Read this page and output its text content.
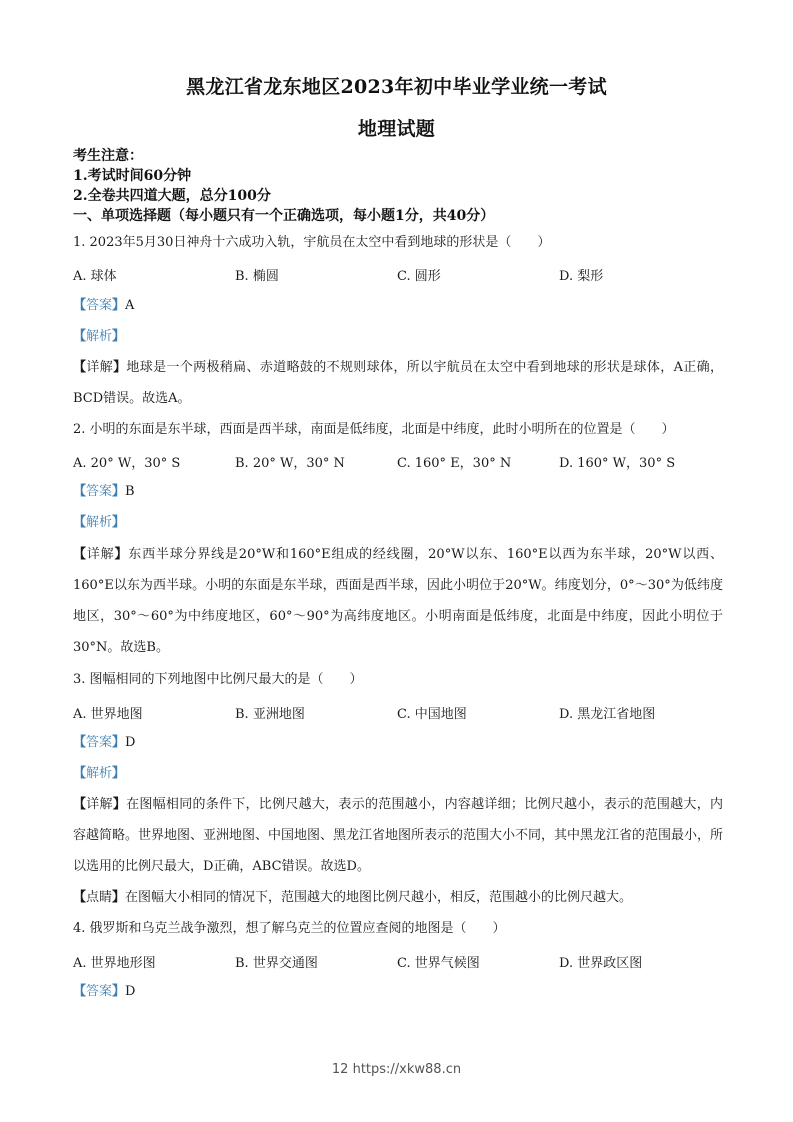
黑龙江省龙东地区2023年初中毕业学业统一考试
地理试题
考生注意：
1.考试时间60分钟
2.全卷共四道大题，总分100分
一、单项选择题（每小题只有一个正确选项，每小题1分，共40分）
1. 2023年5月30日神舟十六成功入轨，宇航员在太空中看到地球的形状是（　　）
A. 球体	B. 椭圆	C. 圆形	D. 梨形
【答案】A
【解析】
【详解】地球是一个两极稍扁、赤道略鼓的不规则球体，所以宇航员在太空中看到地球的形状是球体，A正确，BCD错误。故选A。
2. 小明的东面是东半球，西面是西半球，南面是低纬度，北面是中纬度，此时小明所在的位置是（　　）
A. 20° W，30° S	B. 20° W，30° N	C. 160° E，30° N	D. 160° W，30° S
【答案】B
【解析】
【详解】东西半球分界线是20°W和160°E组成的经线圈，20°W以东、160°E以西为东半球，20°W以西、160°E以东为西半球。小明的东面是东半球，西面是西半球，因此小明位于20°W。纬度划分，0°～30°为低纬度地区，30°～60°为中纬度地区，60°～90°为高纬度地区。小明南面是低纬度，北面是中纬度，因此小明位于30°N。故选B。
3. 图幅相同的下列地图中比例尺最大的是（　　）
A. 世界地图	B. 亚洲地图	C. 中国地图	D. 黑龙江省地图
【答案】D
【解析】
【详解】在图幅相同的条件下，比例尺越大，表示的范围越小，内容越详细；比例尺越小，表示的范围越大，内容越简略。世界地图、亚洲地图、中国地图、黑龙江省地图所表示的范围大小不同，其中黑龙江省的范围最小，所以选用的比例尺最大，D正确，ABC错误。故选D。
【点睛】在图幅大小相同的情况下，范围越大的地图比例尺越小，相反，范围越小的比例尺越大。
4. 俄罗斯和乌克兰战争激烈，想了解乌克兰的位置应查阅的地图是（　　）
A. 世界地形图	B. 世界交通图	C. 世界气候图	D. 世界政区图
【答案】D
12 https://xkw88.cn
